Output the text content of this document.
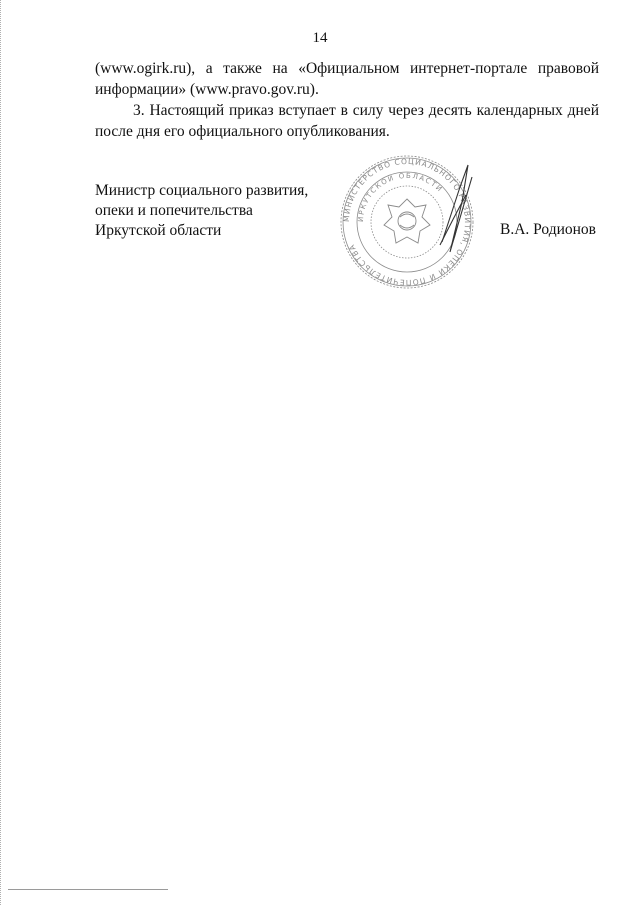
14

(www.ogirk.ru), а также на «Официальном интернет-портале правовой

информации» (www.pravo.gov.ru).

3. Настоящий приказ вступает в силу через десять календарных дней

после дня его официального опубликования.

Министр социального развития,
опеки и попечительства
Иркутской области
МИНИСТЕРСТВО СОЦИАЛЬНОГО РАЗВИТИЯ, ОПЕКИ И ПОПЕЧИТЕЛЬСТВА
ИРКУТСКОЙ ОБЛАСТИ
В.А. Родионов
